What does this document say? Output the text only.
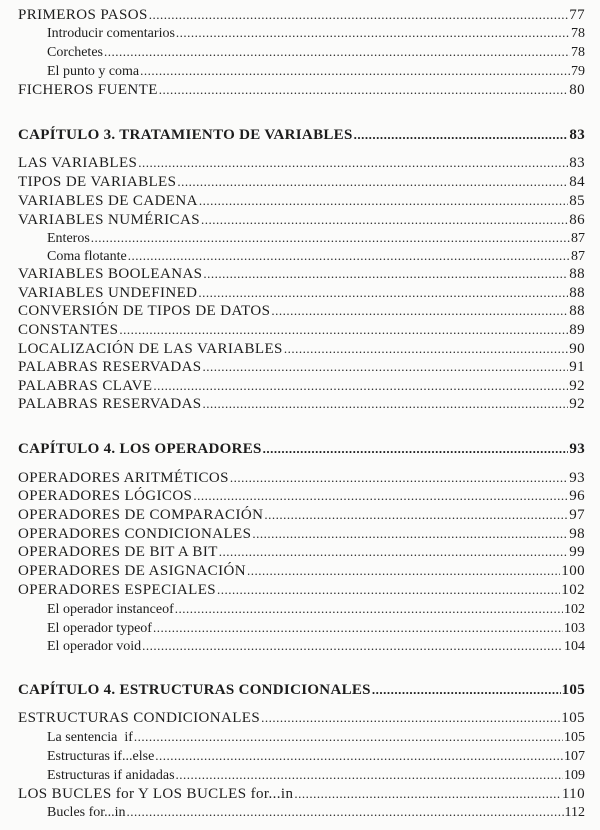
PRIMEROS PASOS .....	77
Introducir comentarios .....	78
Corchetes .....	78
El punto y coma .....	79
FICHEROS FUENTE .....	80
CAPÍTULO 3. TRATAMIENTO DE VARIABLES .....	83
LAS VARIABLES .....	83
TIPOS DE VARIABLES .....	84
VARIABLES DE CADENA .....	85
VARIABLES NUMÉRICAS .....	86
Enteros .....	87
Coma flotante .....	87
VARIABLES BOOLEANAS .....	88
VARIABLES UNDEFINED .....	88
CONVERSIÓN DE TIPOS DE DATOS .....	88
CONSTANTES .....	89
LOCALIZACIÓN DE LAS VARIABLES .....	90
PALABRAS RESERVADAS .....	91
PALABRAS CLAVE .....	92
PALABRAS RESERVADAS .....	92
CAPÍTULO 4. LOS OPERADORES .....	93
OPERADORES ARITMÉTICOS .....	93
OPERADORES LÓGICOS .....	96
OPERADORES DE COMPARACIÓN .....	97
OPERADORES CONDICIONALES .....	98
OPERADORES DE BIT A BIT .....	99
OPERADORES DE ASIGNACIÓN .....	100
OPERADORES ESPECIALES .....	102
El operador instanceof .....	102
El operador typeof .....	103
El operador void .....	104
CAPÍTULO 4. ESTRUCTURAS CONDICIONALES .....	105
ESTRUCTURAS CONDICIONALES .....	105
La sentencia  if .....	105
Estructuras if...else .....	107
Estructuras if anidadas .....	109
LOS BUCLES for Y LOS BUCLES for...in .....	110
Bucles for...in .....	112
